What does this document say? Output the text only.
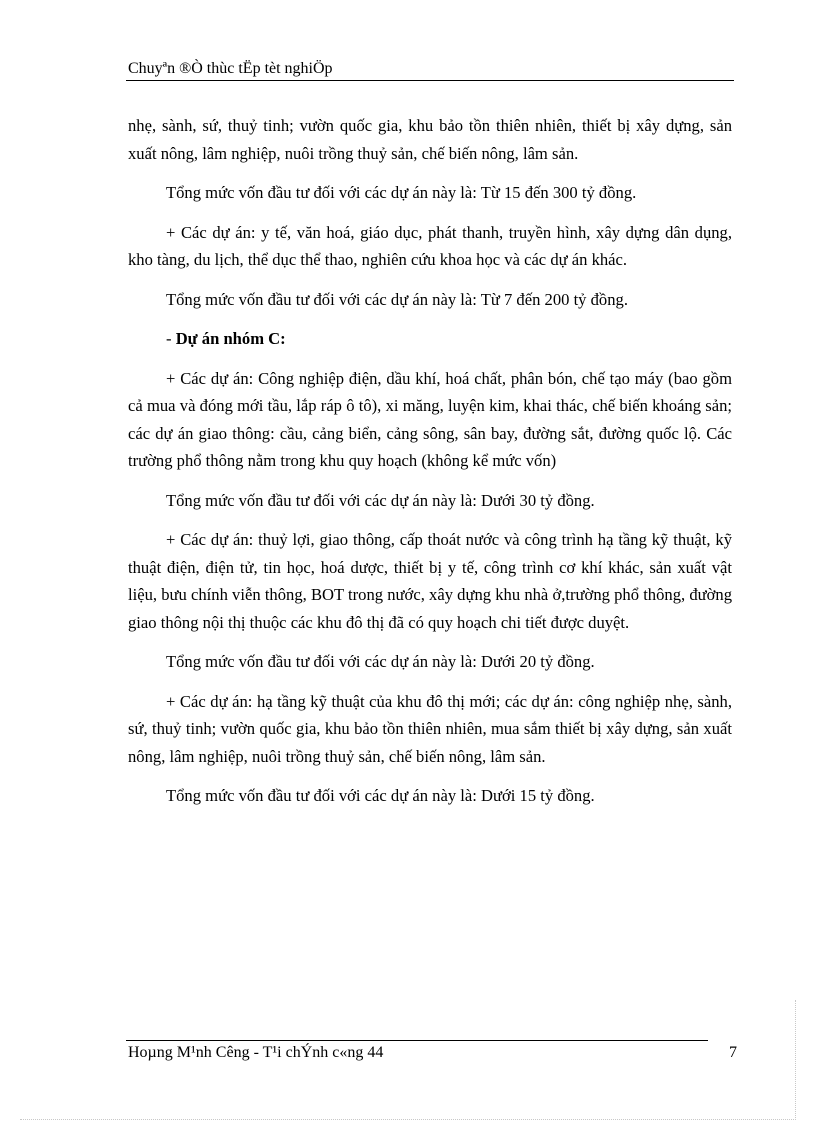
Chuyªn ®Ò thùc tËp tèt nghiÖp

nhẹ, sành, sứ, thuỷ tinh; vườn quốc gia, khu bảo tồn thiên nhiên, thiết bị xây dựng, sản xuất nông, lâm nghiệp, nuôi trồng thuỷ sản, chế biến nông, lâm sản.

Tổng mức vốn đầu tư đối với các dự án này là: Từ 15 đến 300 tỷ đồng.

+ Các dự án: y tế, văn hoá, giáo dục, phát thanh, truyền hình, xây dựng dân dụng, kho tàng, du lịch, thể dục thể thao, nghiên cứu khoa học và các dự án khác.

Tổng mức vốn đầu tư đối với các dự án này là: Từ 7 đến 200 tỷ đồng.

- Dự án nhóm C:

+ Các dự án: Công nghiệp điện, dầu khí, hoá chất, phân bón, chế tạo máy (bao gồm cả mua và đóng mới tầu, lắp ráp ô tô), xi măng, luyện kim, khai thác, chế biến khoáng sản; các dự án giao thông: cầu, cảng biển, cảng sông, sân bay, đường sắt, đường quốc lộ. Các trường phổ thông nằm trong khu quy hoạch (không kể mức vốn)

Tổng mức vốn đầu tư đối với các dự án này là: Dưới 30 tỷ đồng.

+ Các dự án: thuỷ lợi, giao thông, cấp thoát nước và công trình hạ tầng kỹ thuật, kỹ thuật điện, điện tử, tin học, hoá dược, thiết bị y tế, công trình cơ khí khác, sản xuất vật liệu, bưu chính viễn thông, BOT trong nước, xây dựng khu nhà ở,trường phổ thông, đường giao thông nội thị thuộc các khu đô thị đã có quy hoạch chi tiết được duyệt.

Tổng mức vốn đầu tư đối với các dự án này là: Dưới 20 tỷ đồng.

+ Các dự án: hạ tầng kỹ thuật của khu đô thị mới; các dự án: công nghiệp nhẹ, sành, sứ, thuỷ tinh; vườn quốc gia, khu bảo tồn thiên nhiên, mua sắm thiết bị xây dựng, sản xuất nông, lâm nghiệp, nuôi trồng thuỷ sản, chế biến nông, lâm sản.

Tổng mức vốn đầu tư đối với các dự án này là: Dưới 15 tỷ đồng.

Hoµng M¹nh Cêng - T¹i chÝnh c«ng 44	7
